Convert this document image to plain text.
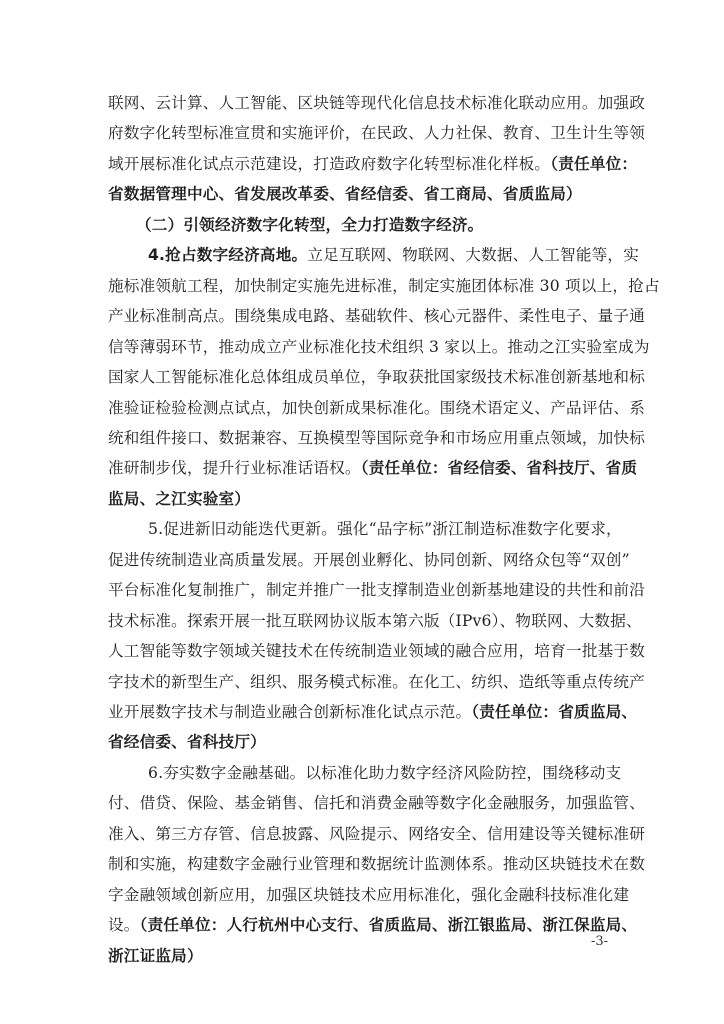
联网、云计算、人工智能、区块链等现代化信息技术标准化联动应用。加强政
府数字化转型标准宣贯和实施评价，在民政、人力社保、教育、卫生计生等领
域开展标准化试点示范建设，打造政府数字化转型标准化样板。（责任单位：
省数据管理中心、省发展改革委、省经信委、省工商局、省质监局）
（二）引领经济数字化转型，全力打造数字经济。
4.抢占数字经济高地。立足互联网、物联网、大数据、人工智能等，实
施标准领航工程，加快制定实施先进标准，制定实施团体标准 30 项以上，抢占
产业标准制高点。围绕集成电路、基础软件、核心元器件、柔性电子、量子通
信等薄弱环节，推动成立产业标准化技术组织 3 家以上。推动之江实验室成为
国家人工智能标准化总体组成员单位，争取获批国家级技术标准创新基地和标
准验证检验检测点试点，加快创新成果标准化。围绕术语定义、产品评估、系
统和组件接口、数据兼容、互换模型等国际竞争和市场应用重点领域，加快标
准研制步伐，提升行业标准话语权。（责任单位：省经信委、省科技厅、省质
监局、之江实验室）
5.促进新旧动能迭代更新。强化“品字标”浙江制造标准数字化要求，
促进传统制造业高质量发展。开展创业孵化、协同创新、网络众包等“双创”
平台标准化复制推广，制定并推广一批支撑制造业创新基地建设的共性和前沿
技术标准。探索开展一批互联网协议版本第六版（IPv6）、物联网、大数据、
人工智能等数字领域关键技术在传统制造业领域的融合应用，培育一批基于数
字技术的新型生产、组织、服务模式标准。在化工、纺织、造纸等重点传统产
业开展数字技术与制造业融合创新标准化试点示范。（责任单位：省质监局、
省经信委、省科技厅）
6.夯实数字金融基础。以标准化助力数字经济风险防控，围绕移动支
付、借贷、保险、基金销售、信托和消费金融等数字化金融服务，加强监管、
准入、第三方存管、信息披露、风险提示、网络安全、信用建设等关键标准研
制和实施，构建数字金融行业管理和数据统计监测体系。推动区块链技术在数
字金融领域创新应用，加强区块链技术应用标准化，强化金融科技标准化建
设。（责任单位：人行杭州中心支行、省质监局、浙江银监局、浙江保监局、
浙江证监局）
-3-
